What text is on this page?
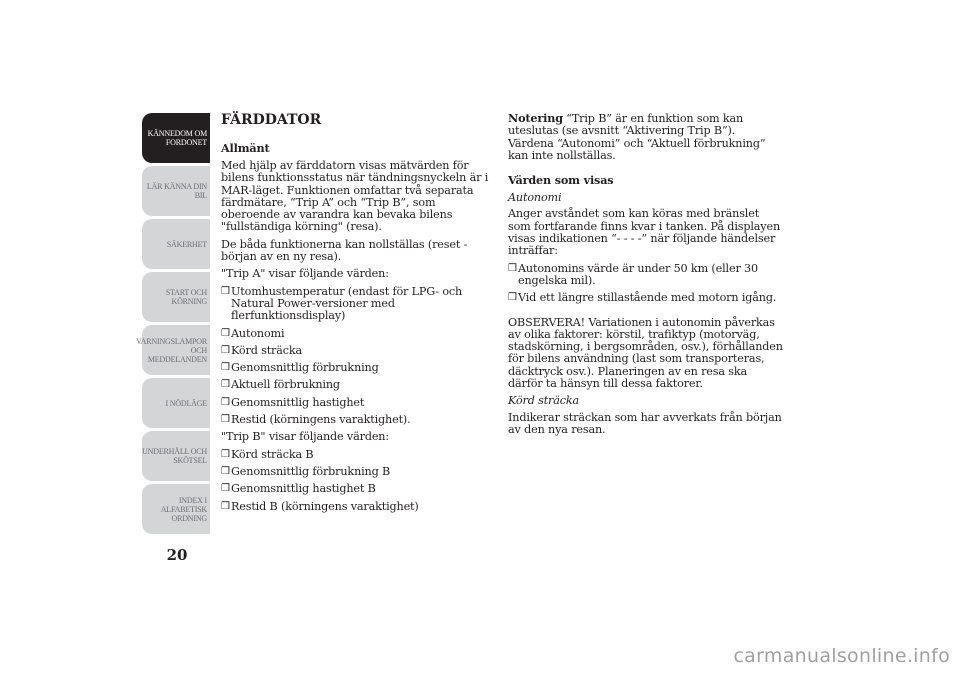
KÄNNEDOM OM
FORDONET
LÄR KÄNNA DIN
BIL
SÄKERHET
START OCH
KÖRNING
VARNINGSLAMPOR
OCH
MEDDELANDEN
I NÖDLÄGE
UNDERHÅLL OCH
SKÖTSEL
INDEX I
ALFABETISK
ORDNING
20
FÄRDDATOR
Allmänt

Med hjälp av färddatorn visas mätvärden för bilens funktionsstatus när tändningsnyckeln är i MAR-läget. Funktionen omfattar två separata färdmätare, “Trip A” och “Trip B”, som oberoende av varandra kan bevaka bilens "fullständiga körning" (resa).

De båda funktionerna kan nollställas (reset - början av en ny resa).

"Trip A" visar följande värden:

❒ Utomhustemperatur (endast för LPG- och Natural Power-versioner med flerfunktionsdisplay)
❒ Autonomi
❒ Körd sträcka
❒ Genomsnittlig förbrukning
❒ Aktuell förbrukning
❒ Genomsnittlig hastighet
❒ Restid (körningens varaktighet).

"Trip B" visar följande värden:

❒ Körd sträcka B
❒ Genomsnittlig förbrukning B
❒ Genomsnittlig hastighet B
❒ Restid B (körningens varaktighet)

Notering “Trip B” är en funktion som kan uteslutas (se avsnitt “Aktivering Trip B”). Värdena “Autonomi” och “Aktuell förbrukning” kan inte nollställas.

Värden som visas

Autonomi

Anger avståndet som kan köras med bränslet som fortfarande finns kvar i tanken. På displayen visas indikationen “- - - -” när följande händelser inträffar:

❒ Autonomins värde är under 50 km (eller 30 engelska mil).
❒ Vid ett längre stillastående med motorn igång.

OBSERVERA! Variationen i autonomin påverkas av olika faktorer: körstil, trafiktyp (motorväg, stadskörning, i bergsområden, osv.), förhållanden för bilens användning (last som transporteras, däcktryck osv.). Planeringen av en resa ska därför ta hänsyn till dessa faktorer.

Körd sträcka

Indikerar sträckan som har avverkats från början av den nya resan.

carmanualsonline.info
